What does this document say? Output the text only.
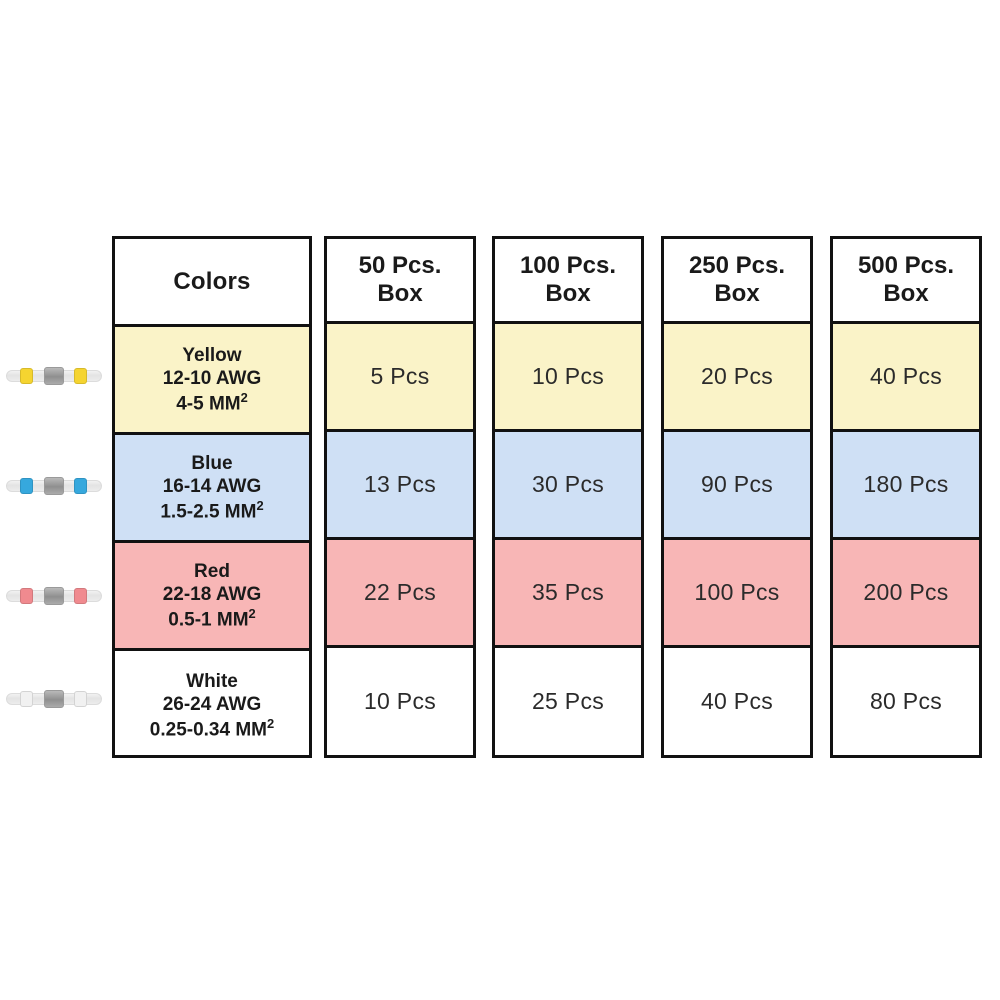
Colors
Yellow
12-10 AWG
4-5 $MM^2$
Blue
16-14 AWG
1.5-2.5 $MM^2$
Red
22-18 AWG
0.5-1 $MM^2$
White
26-24 AWG
0.25-0.34 $MM^2$
50 Pcs.
Box
5 Pcs
13 Pcs
22 Pcs
10 Pcs
100 Pcs.
Box
10 Pcs
30 Pcs
35 Pcs
25 Pcs
250 Pcs.
Box
20 Pcs
90 Pcs
100 Pcs
40 Pcs
500 Pcs.
Box
40 Pcs
180 Pcs
200 Pcs
80 Pcs
